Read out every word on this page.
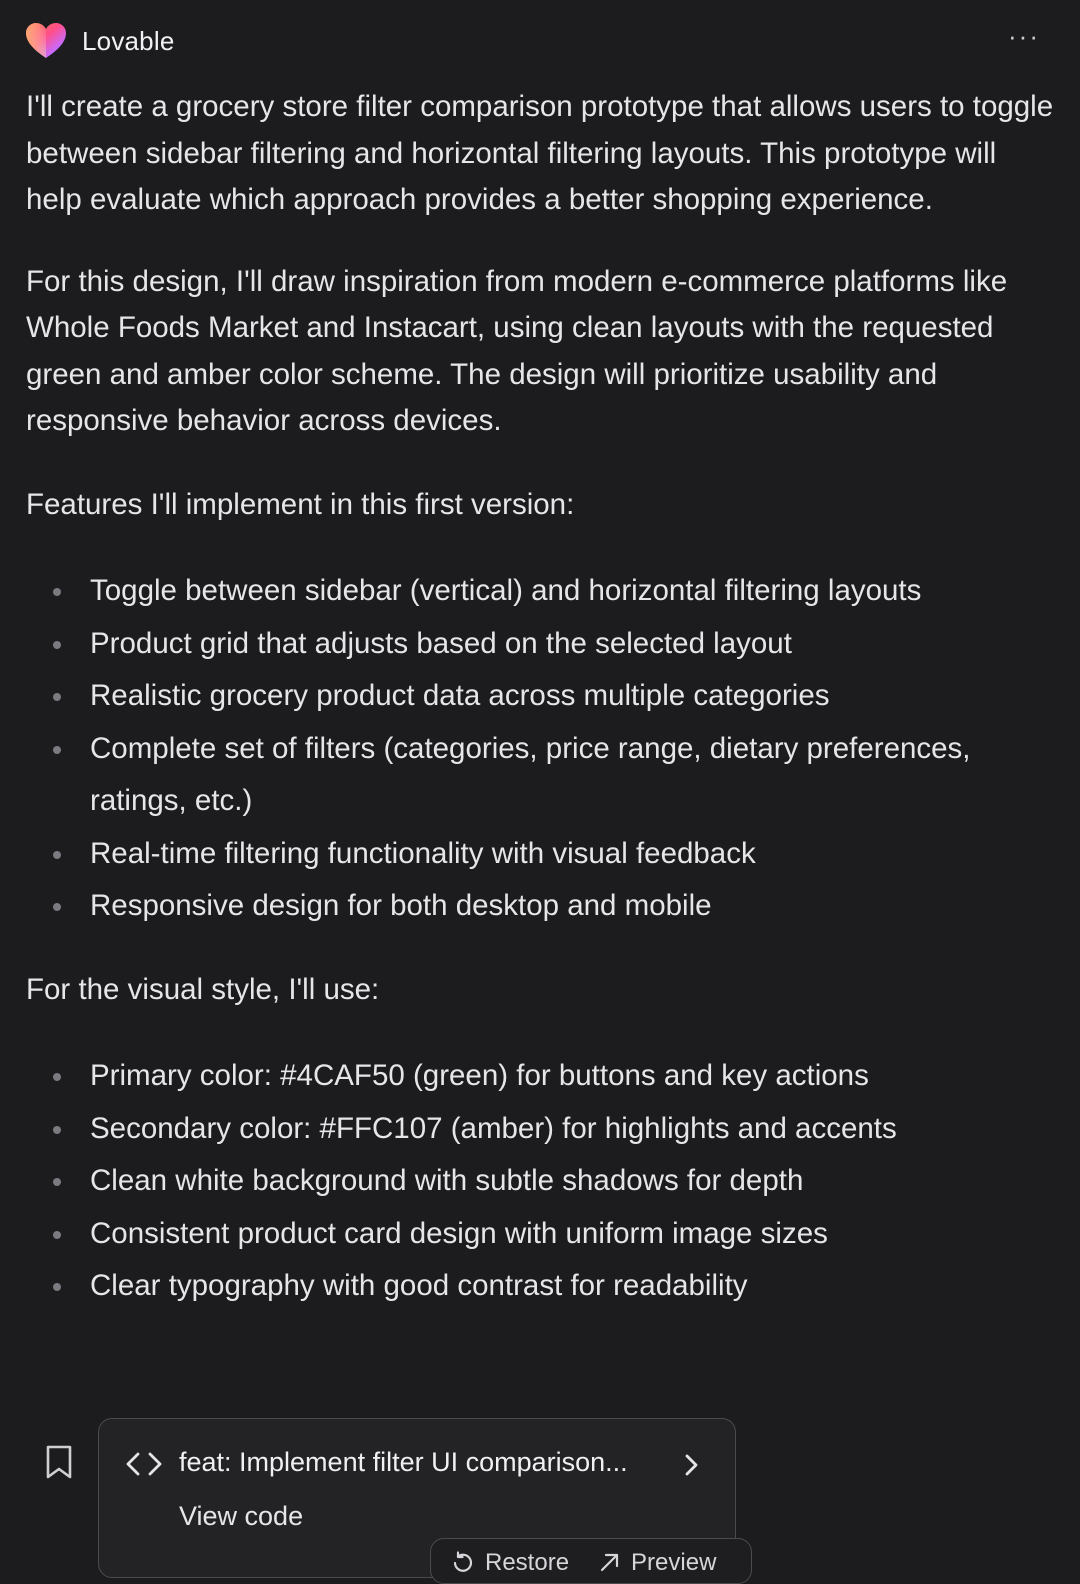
Lovable	···

I'll create a grocery store filter comparison prototype that allows users to toggle between sidebar filtering and horizontal filtering layouts. This prototype will help evaluate which approach provides a better shopping experience.

For this design, I'll draw inspiration from modern e-commerce platforms like Whole Foods Market and Instacart, using clean layouts with the requested green and amber color scheme. The design will prioritize usability and responsive behavior across devices.

Features I'll implement in this first version:

Toggle between sidebar (vertical) and horizontal filtering layouts
Product grid that adjusts based on the selected layout
Realistic grocery product data across multiple categories
Complete set of filters (categories, price range, dietary preferences, ratings, etc.)
Real-time filtering functionality with visual feedback
Responsive design for both desktop and mobile

For the visual style, I'll use:

Primary color: #4CAF50 (green) for buttons and key actions
Secondary color: #FFC107 (amber) for highlights and accents
Clean white background with subtle shadows for depth
Consistent product card design with uniform image sizes
Clear typography with good contrast for readability
feat: Implement filter UI comparison...
View code
Restore	Preview
